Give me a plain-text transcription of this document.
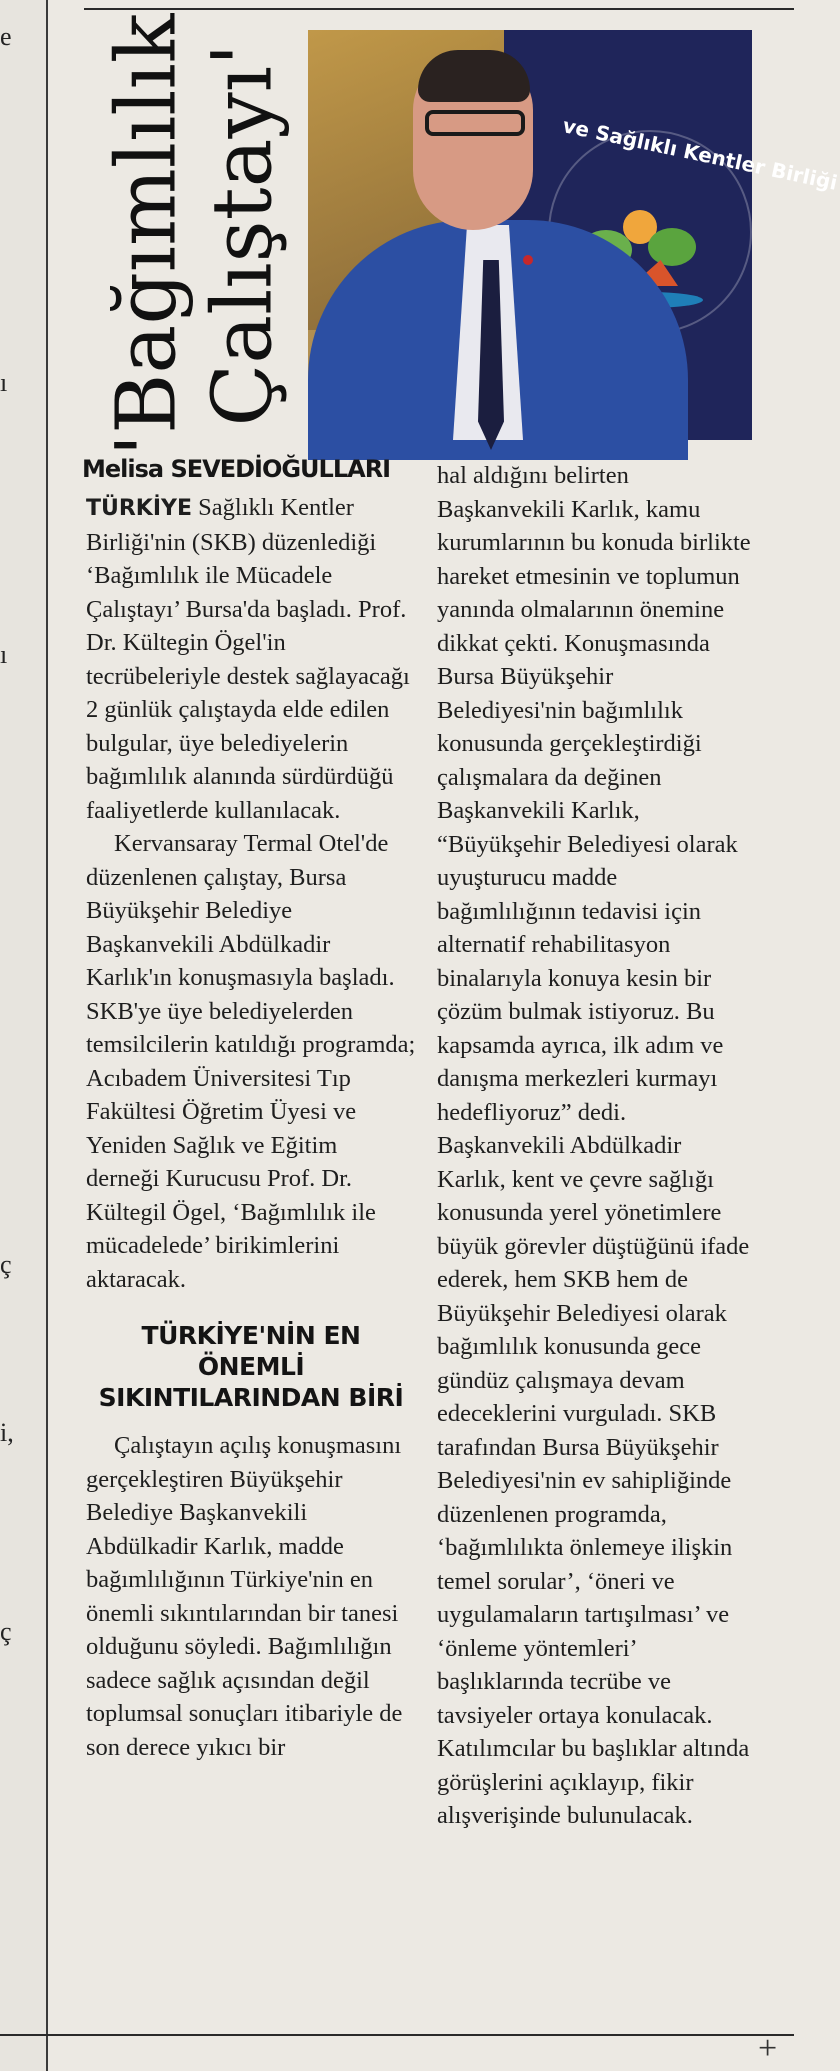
e
ı
ı
ç
i,
ç
'Bağımlılık Çalıştayı'	ve Sağlıklı Kentler Birliği
Melisa SEVEDİOĞULLARI

TÜRKİYE Sağlıklı Kentler Birliği'nin (SKB) düzenlediği ‘Bağımlılık ile Mücadele Çalıştayı’ Bursa'da başladı. Prof. Dr. Kültegin Ögel'in tecrübeleriyle destek sağlayacağı 2 günlük çalıştayda elde edilen bulgular, üye belediyelerin bağımlılık alanında sürdürdüğü faaliyetlerde kullanılacak.

Kervansaray Termal Otel'de düzenlenen çalıştay, Bursa Büyükşehir Belediye Başkanvekili Abdülkadir Karlık'ın konuşmasıyla başladı. SKB'ye üye belediyelerden temsilcilerin katıldığı programda; Acıbadem Üniversitesi Tıp Fakültesi Öğretim Üyesi ve Yeniden Sağlık ve Eğitim derneği Kurucusu Prof. Dr. Kültegil Ögel, ‘Bağımlılık ile mücadelede’ birikimlerini aktaracak.

TÜRKİYE'NİN EN ÖNEMLİ SIKINTILARINDAN BİRİ

Çalıştayın açılış konuşmasını gerçekleştiren Büyükşehir Belediye Başkanvekili Abdülkadir Karlık, madde bağımlılığının Türkiye'nin en önemli sıkıntılarından bir tanesi olduğunu söyledi. Bağımlılığın sadece sağlık açısından değil toplumsal sonuçları itibariyle de son derece yıkıcı bir

hal aldığını belirten Başkanvekili Karlık, kamu kurumlarının bu konuda birlikte hareket etmesinin ve toplumun yanında olmalarının önemine dikkat çekti. Konuşmasında Bursa Büyükşehir Belediyesi'nin bağımlılık konusunda gerçekleştirdiği çalışmalara da değinen Başkanvekili Karlık, “Büyükşehir Belediyesi olarak uyuşturucu madde bağımlılığının tedavisi için alternatif rehabilitasyon binalarıyla konuya kesin bir çözüm bulmak istiyoruz. Bu kapsamda ayrıca, ilk adım ve danışma merkezleri kurmayı hedefliyoruz” dedi. Başkanvekili Abdülkadir Karlık, kent ve çevre sağlığı konusunda yerel yönetimlere büyük görevler düştüğünü ifade ederek, hem SKB hem de Büyükşehir Belediyesi olarak bağımlılık konusunda gece gündüz çalışmaya devam edeceklerini vurguladı. SKB tarafından Bursa Büyükşehir Belediyesi'nin ev sahipliğinde düzenlenen programda, ‘bağımlılıkta önlemeye ilişkin temel sorular’, ‘öneri ve uygulamaların tartışılması’ ve ‘önleme yöntemleri’ başlıklarında tecrübe ve tavsiyeler ortaya konulacak. Katılımcılar bu başlıklar altında görüşlerini açıklayıp, fikir alışverişinde bulunulacak.

+
